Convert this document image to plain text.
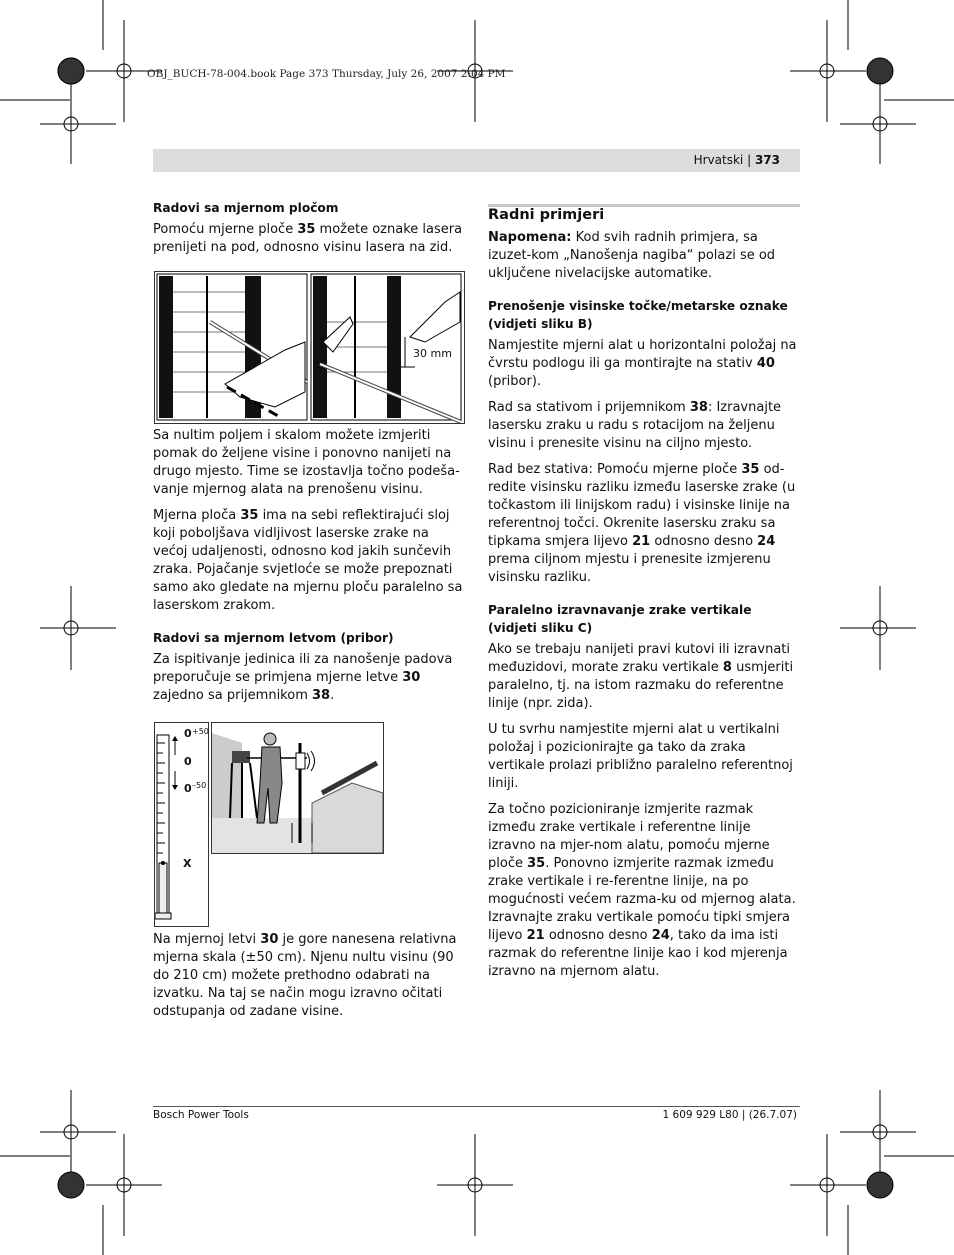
OBJ_BUCH-78-004.book Page 373 Thursday, July 26, 2007 2:04 PM
Hrvatski | 373
Radovi sa mjernom pločom

Pomoću mjerne ploče 35 možete oznake lasera prenijeti na pod, odnosno visinu lasera na zid.

30 mm

Sa nultim poljem i skalom možete izmjeriti pomak do željene visine i ponovno nanijeti na drugo mjesto. Time se izostavlja točno podeša-vanje mjernog alata na prenošenu visinu.

Mjerna ploča 35 ima na sebi reflektirajući sloj koji poboljšava vidljivost laserske zrake na većoj udaljenosti, odnosno kod jakih sunčevih zraka. Pojačanje svjetloće se može prepoznati samo ako gledate na mjernu ploču paralelno sa laserskom zrakom.

Radovi sa mjernom letvom (pribor)

Za ispitivanje jedinica ili za nanošenje padova preporučuje se primjena mjerne letve 30 zajedno sa prijemnikom 38.

0 +50
0
0 –50
X

Na mjernoj letvi 30 je gore nanesena relativna mjerna skala (±50 cm). Njenu nultu visinu (90 do 210 cm) možete prethodno odabrati na izvatku. Na taj se način mogu izravno očitati odstupanja od zadane visine.

Radni primjeri

Napomena: Kod svih radnih primjera, sa izuzet-kom „Nanošenja nagiba“ polazi se od uključene nivelacijske automatike.

Prenošenje visinske točke/metarske oznake (vidjeti sliku B)

Namjestite mjerni alat u horizontalni položaj na čvrstu podlogu ili ga montirajte na stativ 40 (pribor).

Rad sa stativom i prijemnikom 38: Izravnajte lasersku zraku u radu s rotacijom na željenu visinu i prenesite visinu na ciljno mjesto.

Rad bez stativa: Pomoću mjerne ploče 35 od-redite visinsku razliku između laserske zrake (u točkastom ili linijskom radu) i visinske linije na referentnoj točci. Okrenite lasersku zraku sa tipkama smjera lijevo 21 odnosno desno 24 prema ciljnom mjestu i prenesite izmjerenu visinsku razliku.

Paralelno izravnavanje zrake vertikale (vidjeti sliku C)

Ako se trebaju nanijeti pravi kutovi ili izravnati međuzidovi, morate zraku vertikale 8 usmjeriti paralelno, tj. na istom razmaku do referentne linije (npr. zida).

U tu svrhu namjestite mjerni alat u vertikalni položaj i pozicionirajte ga tako da zraka vertikale prolazi približno paralelno referentnoj liniji.

Za točno pozicioniranje izmjerite razmak između zrake vertikale i referentne linije izravno na mjer-nom alatu, pomoću mjerne ploče 35. Ponovno izmjerite razmak između zrake vertikale i re-ferentne linije, na po mogućnosti većem razma-ku od mjernog alata. Izravnajte zraku vertikale pomoću tipki smjera lijevo 21 odnosno desno 24, tako da ima isti razmak do referentne linije kao i kod mjerenja izravno na mjernom alatu.

Bosch Power Tools	1 609 929 L80 | (26.7.07)
